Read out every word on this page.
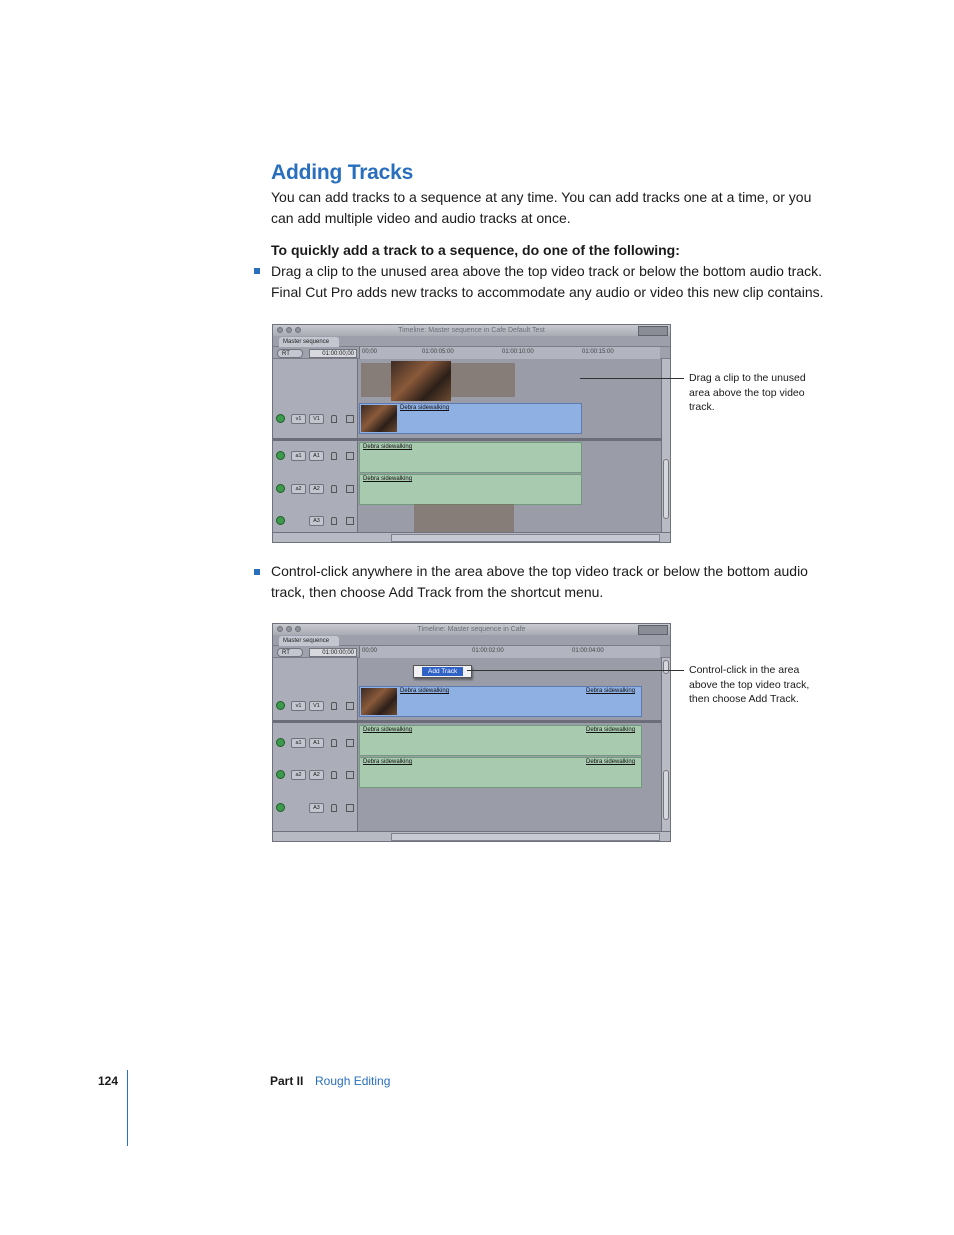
Adding Tracks

You can add tracks to a sequence at any time. You can add tracks one at a time, or you can add multiple video and audio tracks at once.

To quickly add a track to a sequence, do one of the following:

Drag a clip to the unused area above the top video track or below the bottom audio track. Final Cut Pro adds new tracks to accommodate any audio or video this new clip contains.

Timeline: Master sequence in Cafe Default Test
Master sequence
RT	01:00:00;00	00;00	01:00:05:00	01:00:10:00	01:00:15:00
v1	V1
Debra sidewalking
a1	A1
Debra sidewalking
a2	A2
Debra sidewalking
A3

Drag a clip to the unused area above the top video track.

Control-click anywhere in the area above the top video track or below the bottom audio track, then choose Add Track from the shortcut menu.

Timeline: Master sequence in Cafe
Master sequence
RT	01:00:00;00	00;00	01:00:02:00	01:00:04:00
Add Track
v1	V1
Debra sidewalking	Debra sidewalking
a1	A1
Debra sidewalking	Debra sidewalking
a2	A2
Debra sidewalking	Debra sidewalking
A3

Control-click in the area above the top video track, then choose Add Track.

124	Part II Rough Editing
